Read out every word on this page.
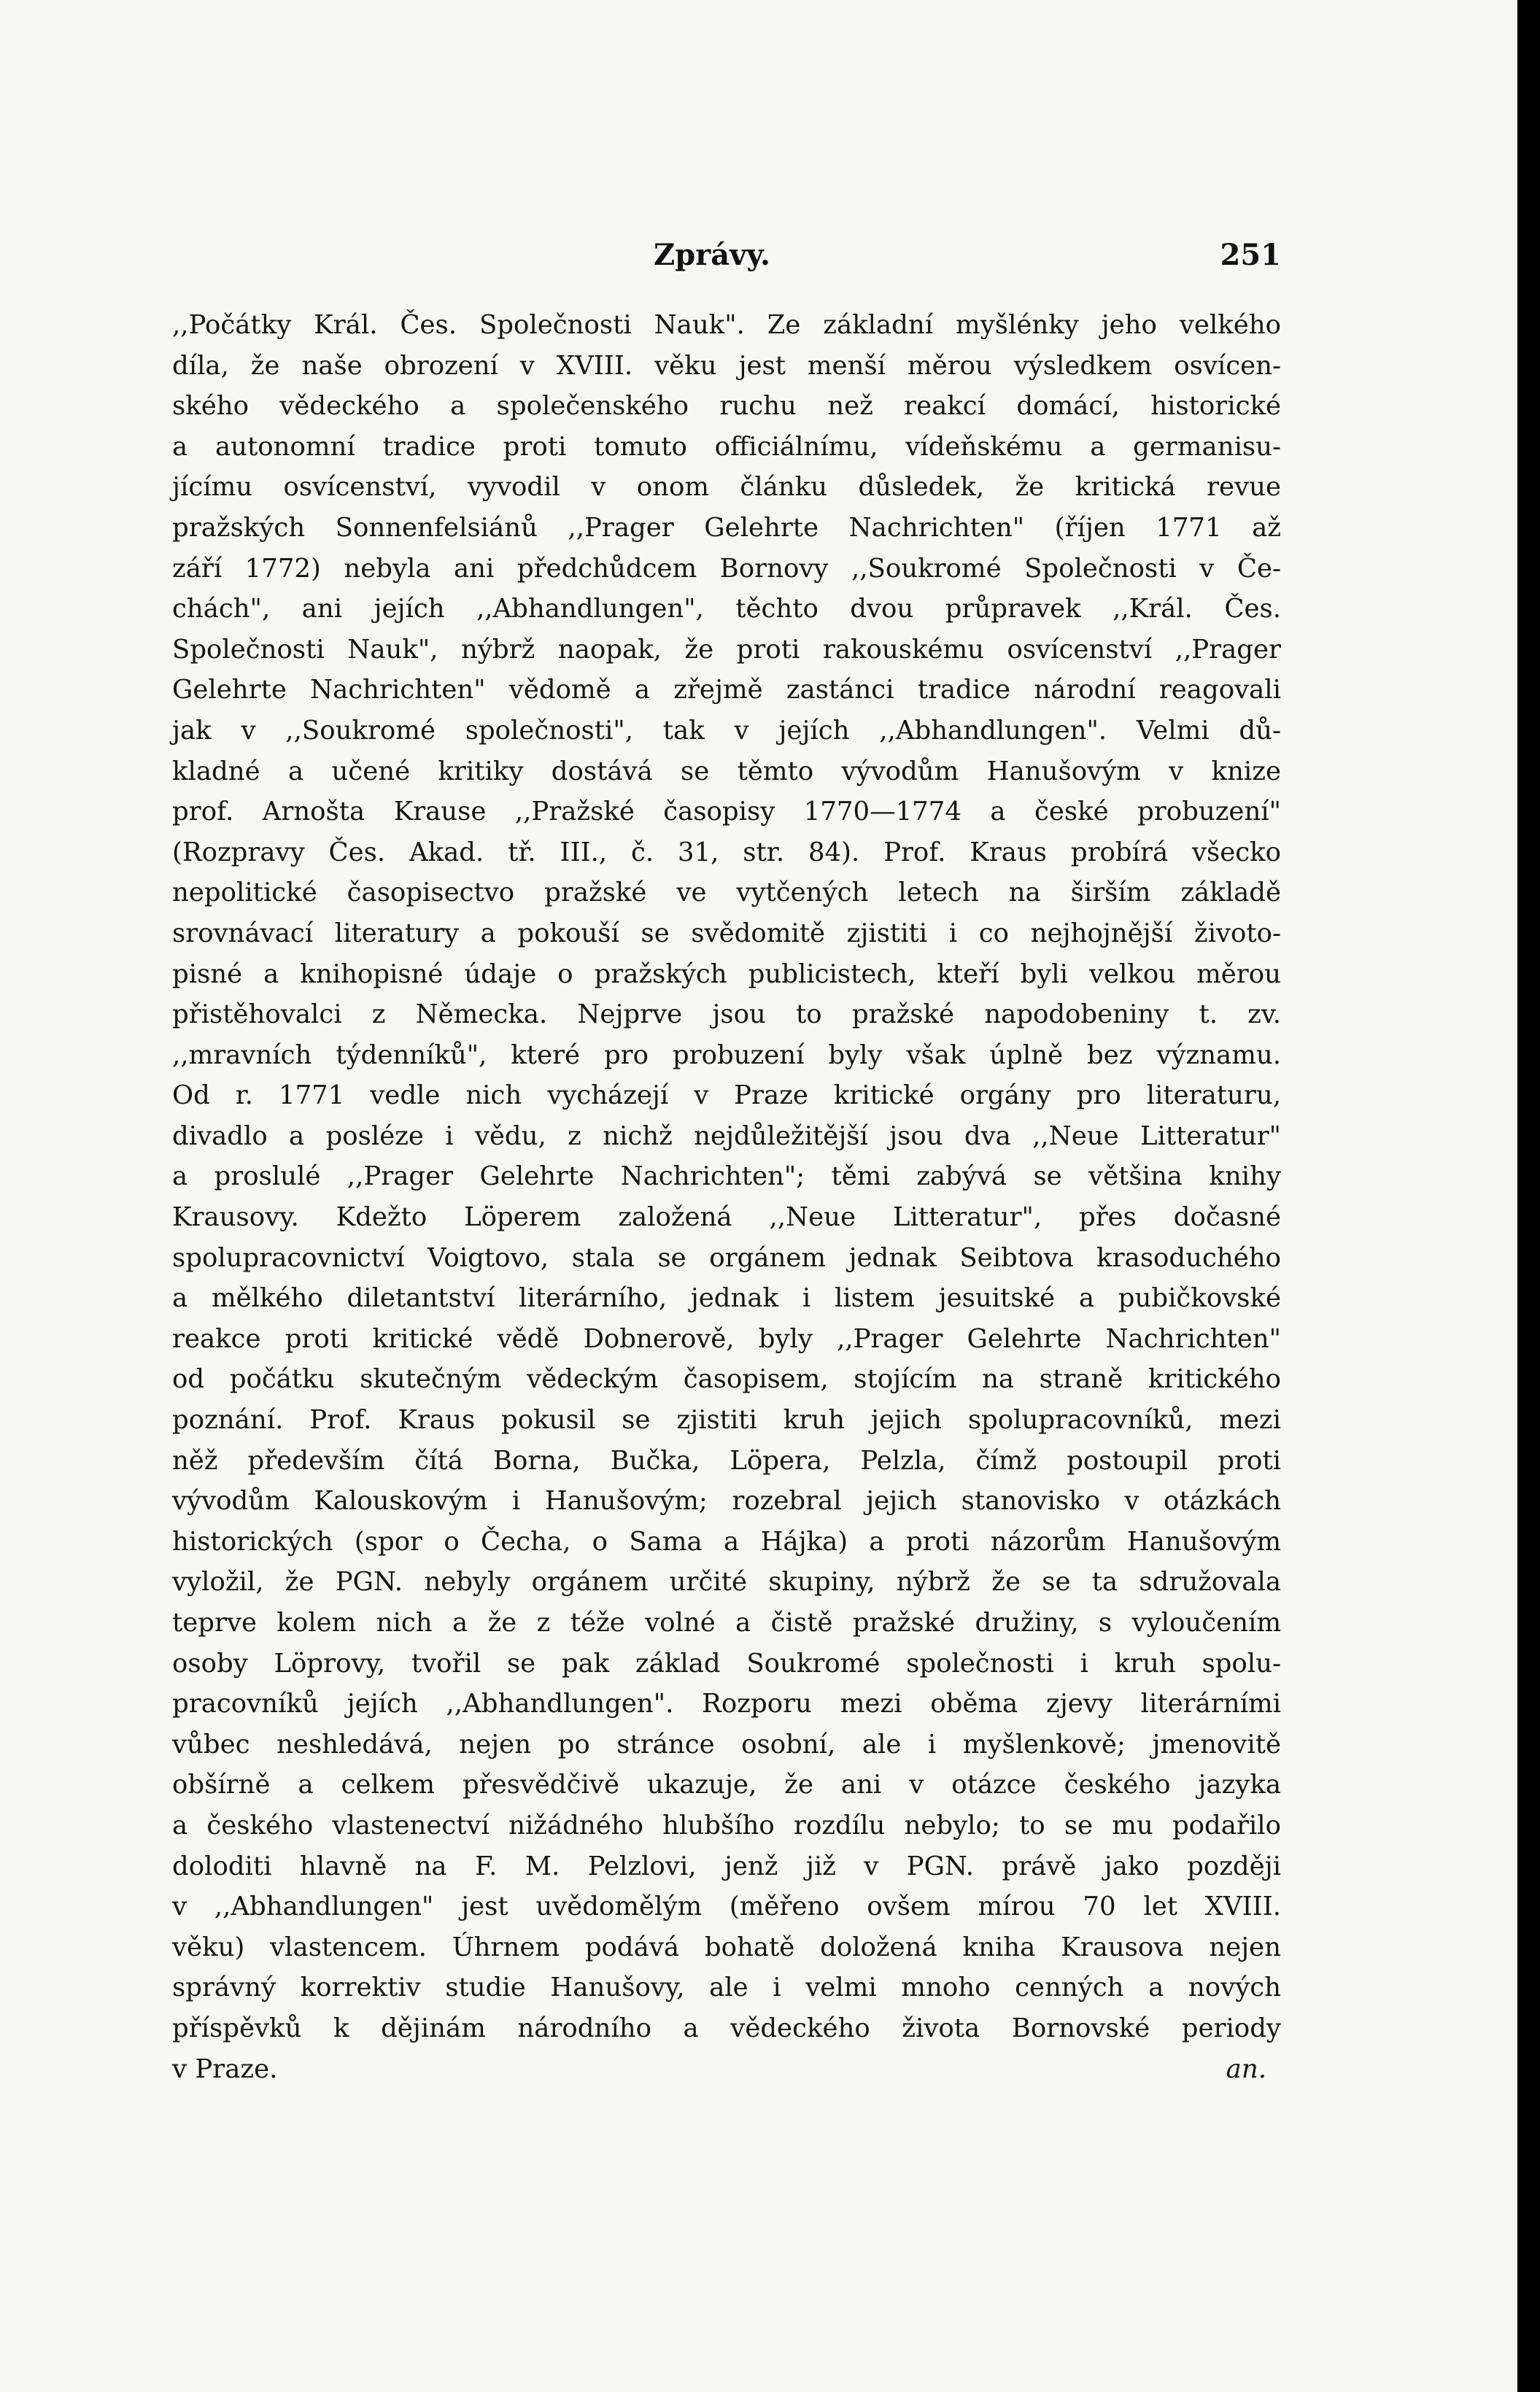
Zprávy.	251
,,Počátky Král. Čes. Společnosti Nauk". Ze základní myšlénky jeho velkého
díla, že naše obrození v XVIII. věku jest menší měrou výsledkem osvícen-
ského vědeckého a společenského ruchu než reakcí domácí, historické
a autonomní tradice proti tomuto officiálnímu, vídeňskému a germanisu-
jícímu osvícenství, vyvodil v onom článku důsledek, že kritická revue
pražských Sonnenfelsiánů ,,Prager Gelehrte Nachrichten" (říjen 1771 až
září 1772) nebyla ani předchůdcem Bornovy ,,Soukromé Společnosti v Če-
chách", ani jejích ,,Abhandlungen", těchto dvou průpravek ,,Král. Čes.
Společnosti Nauk", nýbrž naopak, že proti rakouskému osvícenství ,,Prager
Gelehrte Nachrichten" vědomě a zřejmě zastánci tradice národní reagovali
jak v ,,Soukromé společnosti", tak v jejích ,,Abhandlungen". Velmi dů-
kladné a učené kritiky dostává se těmto vývodům Hanušovým v knize
prof. Arnošta Krause ,,Pražské časopisy 1770—1774 a české probuzení"
(Rozpravy Čes. Akad. tř. III., č. 31, str. 84). Prof. Kraus probírá všecko
nepolitické časopisectvo pražské ve vytčených letech na širším základě
srovnávací literatury a pokouší se svědomitě zjistiti i co nejhojnější životo-
pisné a knihopisné údaje o pražských publicistech, kteří byli velkou měrou
přistěhovalci z Německa. Nejprve jsou to pražské napodobeniny t. zv.
,,mravních týdenníků", které pro probuzení byly však úplně bez významu.
Od r. 1771 vedle nich vycházejí v Praze kritické orgány pro literaturu,
divadlo a posléze i vědu, z nichž nejdůležitější jsou dva ,,Neue Litteratur"
a proslulé ,,Prager Gelehrte Nachrichten"; těmi zabývá se většina knihy
Krausovy. Kdežto Löperem založená ,,Neue Litteratur", přes dočasné
spolupracovnictví Voigtovo, stala se orgánem jednak Seibtova krasoduchého
a mělkého diletantství literárního, jednak i listem jesuitské a pubičkovské
reakce proti kritické vědě Dobnerově, byly ,,Prager Gelehrte Nachrichten"
od počátku skutečným vědeckým časopisem, stojícím na straně kritického
poznání. Prof. Kraus pokusil se zjistiti kruh jejich spolupracovníků, mezi
něž především čítá Borna, Bučka, Löpera, Pelzla, čímž postoupil proti
vývodům Kalouskovým i Hanušovým; rozebral jejich stanovisko v otázkách
historických (spor o Čecha, o Sama a Hájka) a proti názorům Hanušovým
vyložil, že PGN. nebyly orgánem určité skupiny, nýbrž že se ta sdružovala
teprve kolem nich a že z téže volné a čistě pražské družiny, s vyloučením
osoby Löprovy, tvořil se pak základ Soukromé společnosti i kruh spolu-
pracovníků jejích ,,Abhandlungen". Rozporu mezi oběma zjevy literárními
vůbec neshledává, nejen po stránce osobní, ale i myšlenkově; jmenovitě
obšírně a celkem přesvědčivě ukazuje, že ani v otázce českého jazyka
a českého vlastenectví nižádného hlubšího rozdílu nebylo; to se mu podařilo
doloditi hlavně na F. M. Pelzlovi, jenž již v PGN. právě jako později
v ,,Abhandlungen" jest uvědomělým (měřeno ovšem mírou 70 let XVIII.
věku) vlastencem. Úhrnem podává bohatě doložená kniha Krausova nejen
správný korrektiv studie Hanušovy, ale i velmi mnoho cenných a nových
příspěvků k dějinám národního a vědeckého života Bornovské periody
v Praze.	an.
